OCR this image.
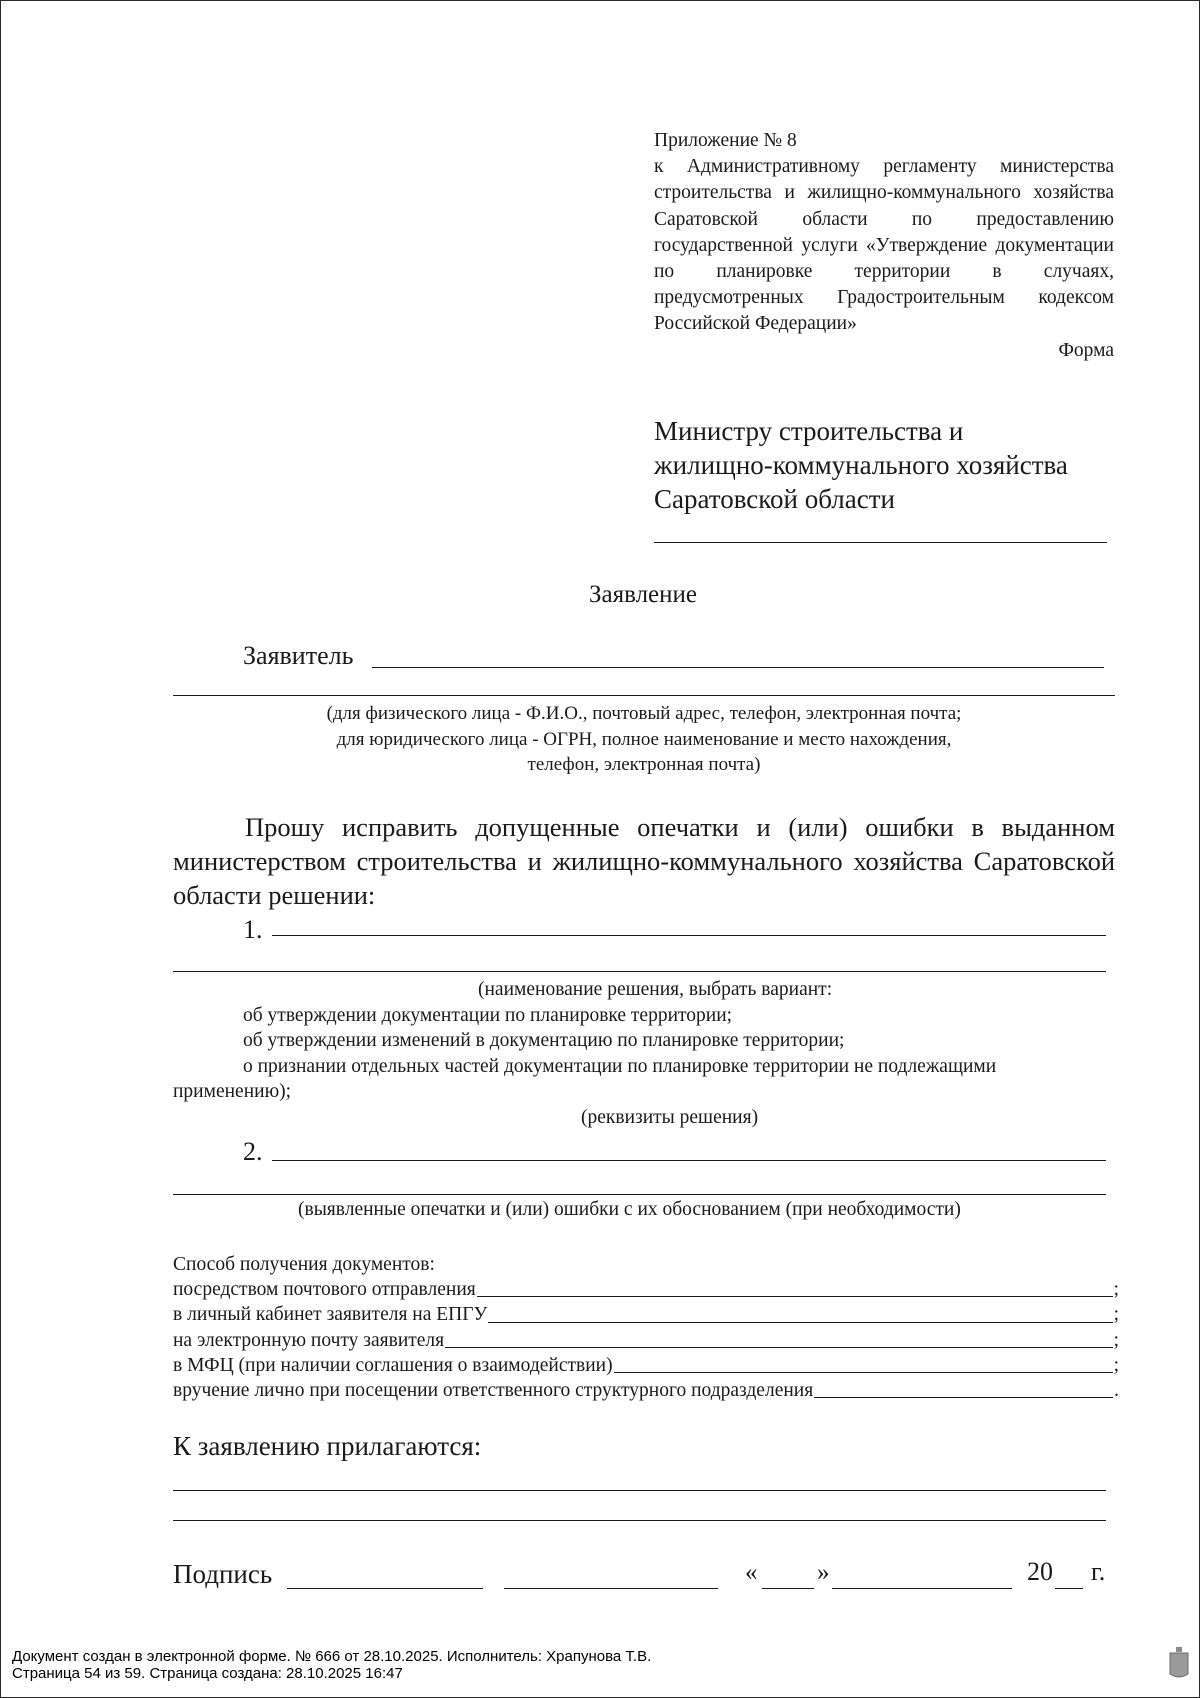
Приложение № 8
к Административному регламенту министерства строительства и жилищно-коммунального хозяйства Саратовской области по предоставлению государственной услуги «Утверждение документации по планировке территории в случаях, предусмотренных Градостроительным кодексом Российской Федерации»
Форма
Министру строительства и
жилищно-коммунального хозяйства
Саратовской области
Заявление
Заявитель
(для физического лица - Ф.И.О., почтовый адрес, телефон, электронная почта;
для юридического лица - ОГРН, полное наименование и место нахождения,
телефон, электронная почта)
Прошу исправить допущенные опечатки и (или) ошибки в выданном министерством строительства и жилищно-коммунального хозяйства Саратовской области решении:
1.
(наименование решения, выбрать вариант:
об утверждении документации по планировке территории;
об утверждении изменений в документацию по планировке территории;
о признании отдельных частей документации по планировке территории не подлежащими применению);
(реквизиты решения)
2.
(выявленные опечатки и (или) ошибки с их обоснованием (при необходимости)
Способ получения документов:
посредством почтового отправления	;
в личный кабинет заявителя на ЕПГУ	;
на электронную почту заявителя	;
в МФЦ (при наличии соглашения о взаимодействии)	;
вручение лично при посещении ответственного структурного подразделения	.
К заявлению прилагаются:
Подпись	« »	20 г.
Документ создан в электронной форме. № 666 от 28.10.2025. Исполнитель: Храпунова Т.В.
Страница 54 из 59. Страница создана: 28.10.2025 16:47
